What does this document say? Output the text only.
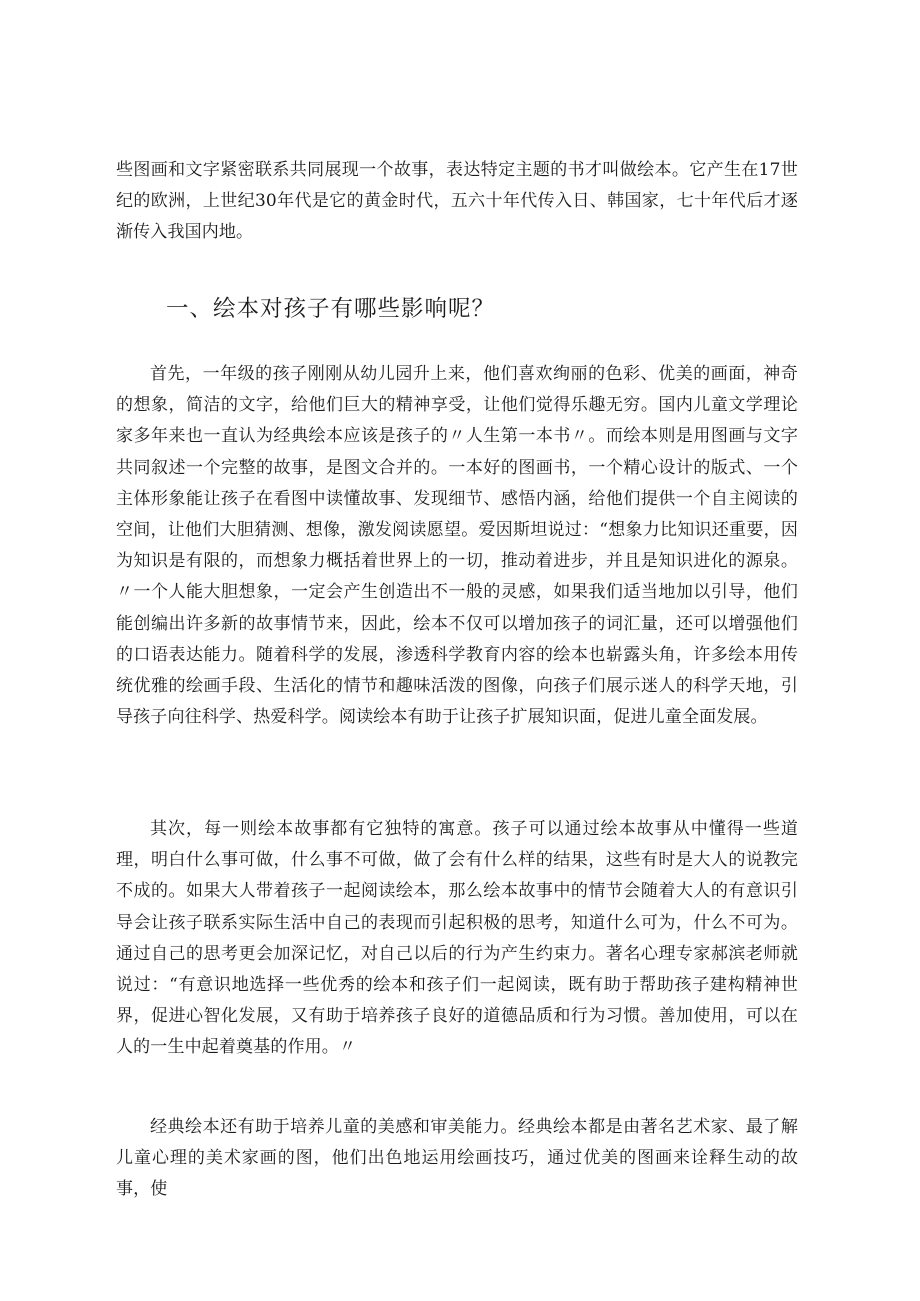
些图画和文字紧密联系共同展现一个故事，表达特定主题的书才叫做绘本。它产生在17世纪的欧洲，上世纪30年代是它的黄金时代，五六十年代传入日、韩国家，七十年代后才逐渐传入我国内地。

一、绘本对孩子有哪些影响呢？

首先，一年级的孩子刚刚从幼儿园升上来，他们喜欢绚丽的色彩、优美的画面，神奇的想象，简洁的文字，给他们巨大的精神享受，让他们觉得乐趣无穷。国内儿童文学理论家多年来也一直认为经典绘本应该是孩子的〃人生第一本书〃。而绘本则是用图画与文字共同叙述一个完整的故事，是图文合并的。一本好的图画书，一个精心设计的版式、一个主体形象能让孩子在看图中读懂故事、发现细节、感悟内涵，给他们提供一个自主阅读的空间，让他们大胆猜测、想像，激发阅读愿望。爱因斯坦说过：“想象力比知识还重要，因为知识是有限的，而想象力概括着世界上的一切，推动着进步，并且是知识进化的源泉。〃一个人能大胆想象，一定会产生创造出不一般的灵感，如果我们适当地加以引导，他们能创编出许多新的故事情节来，因此，绘本不仅可以增加孩子的词汇量，还可以增强他们的口语表达能力。随着科学的发展，渗透科学教育内容的绘本也崭露头角，许多绘本用传统优雅的绘画手段、生活化的情节和趣味活泼的图像，向孩子们展示迷人的科学天地，引导孩子向往科学、热爱科学。阅读绘本有助于让孩子扩展知识面，促进儿童全面发展。

其次，每一则绘本故事都有它独特的寓意。孩子可以通过绘本故事从中懂得一些道理，明白什么事可做，什么事不可做，做了会有什么样的结果，这些有时是大人的说教完不成的。如果大人带着孩子一起阅读绘本，那么绘本故事中的情节会随着大人的有意识引导会让孩子联系实际生活中自己的表现而引起积极的思考，知道什么可为，什么不可为。通过自己的思考更会加深记忆，对自己以后的行为产生约束力。著名心理专家郝滨老师就说过：“有意识地选择一些优秀的绘本和孩子们一起阅读，既有助于帮助孩子建构精神世界，促进心智化发展，又有助于培养孩子良好的道德品质和行为习惯。善加使用，可以在人的一生中起着奠基的作用。〃

经典绘本还有助于培养儿童的美感和审美能力。经典绘本都是由著名艺术家、最了解儿童心理的美术家画的图，他们出色地运用绘画技巧，通过优美的图画来诠释生动的故事，使
